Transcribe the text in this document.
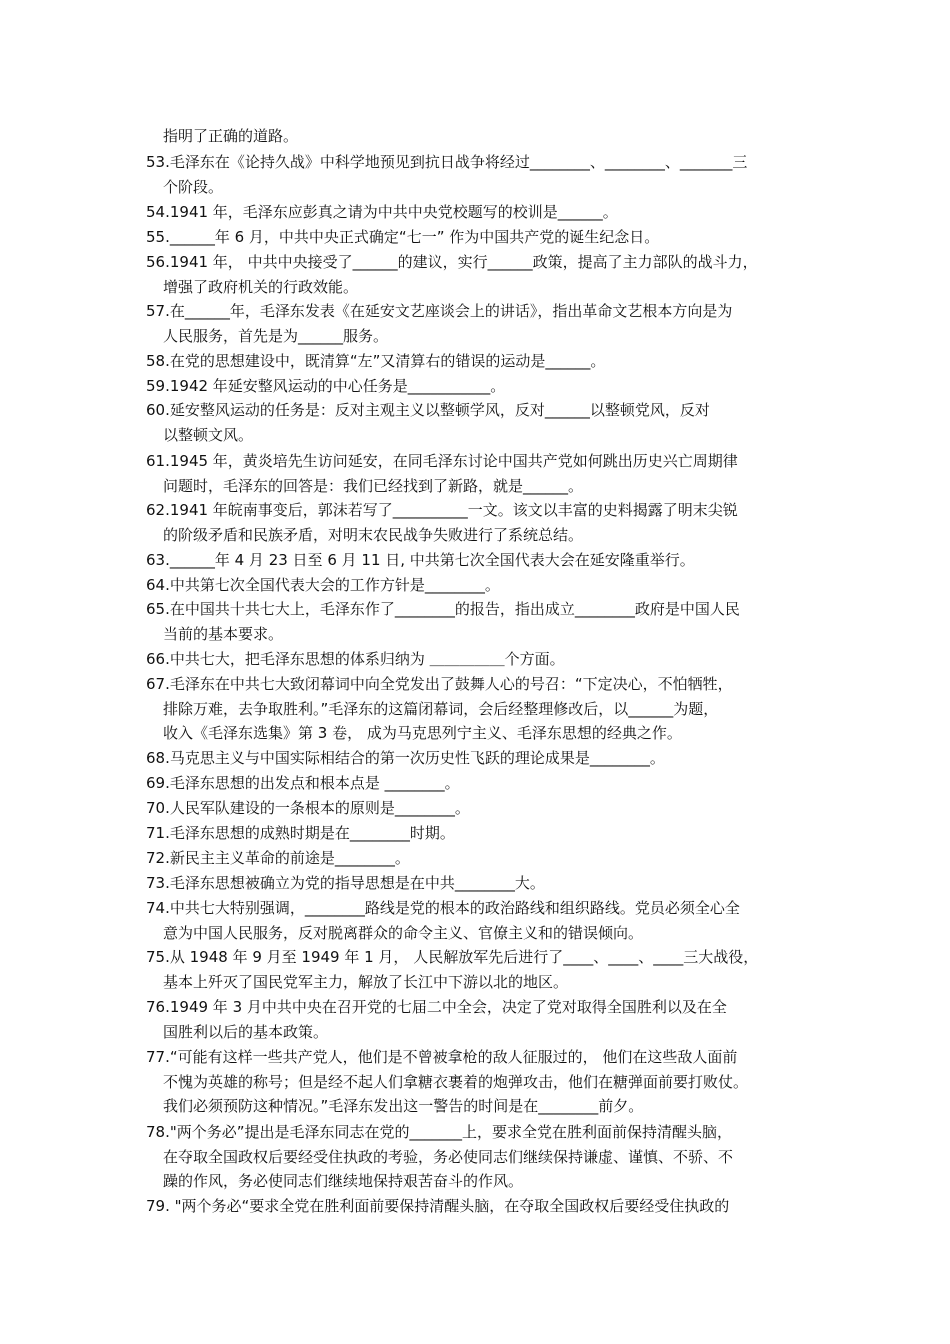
指明了正确的道路。
53.毛泽东在《论持久战》中科学地预见到抗日战争将经过________、________、_______三
个阶段。
54.1941 年，毛泽东应彭真之请为中共中央党校题写的校训是______。
55.______年 6 月，中共中央正式确定“七一” 作为中国共产党的诞生纪念日。
56.1941 年， 中共中央接受了______的建议，实行______政策，提高了主力部队的战斗力，
增强了政府机关的行政效能。
57.在______年，毛泽东发表《在延安文艺座谈会上的讲话》，指出革命文艺根本方向是为
人民服务，首先是为______服务。
58.在党的思想建设中，既清算“左”又清算右的错误的运动是______。
59.1942 年延安整风运动的中心任务是___________。
60.延安整风运动的任务是：反对主观主义以整顿学风，反对______以整顿党风，反对
以整顿文风。
61.1945 年，黄炎培先生访问延安，在同毛泽东讨论中国共产党如何跳出历史兴亡周期律
问题时，毛泽东的回答是：我们已经找到了新路，就是______。
62.1941 年皖南事变后，郭沫若写了__________一文。该文以丰富的史料揭露了明末尖锐
的阶级矛盾和民族矛盾，对明末农民战争失败进行了系统总结。
63.______年 4 月 23 日至 6 月 11 日, 中共第七次全国代表大会在延安隆重举行。
64.中共第七次全国代表大会的工作方针是________。
65.在中国共十共七大上，毛泽东作了________的报告，指出成立________政府是中国人民
当前的基本要求。
66.中共七大，把毛泽东思想的体系归纳为 ＿＿＿＿＿个方面。
67.毛泽东在中共七大致闭幕词中向全党发出了鼓舞人心的号召：“下定决心，不怕牺牲，
排除万难，去争取胜利。”毛泽东的这篇闭幕词，会后经整理修改后，以______为题，
收入《毛泽东选集》第 3 卷， 成为马克思列宁主义、毛泽东思想的经典之作。
68.马克思主义与中国实际相结合的第一次历史性飞跃的理论成果是________。
69.毛泽东思想的出发点和根本点是 ________。
70.人民军队建设的一条根本的原则是________。
71.毛泽东思想的成熟时期是在________时期。
72.新民主主义革命的前途是________。
73.毛泽东思想被确立为党的指导思想是在中共________大。
74.中共七大特别强调，________路线是党的根本的政治路线和组织路线。党员必须全心全
意为中国人民服务，反对脱离群众的命令主义、官僚主义和的错误倾向。
75.从 1948 年 9 月至 1949 年 1 月， 人民解放军先后进行了____、____、____三大战役，
基本上歼灭了国民党军主力，解放了长江中下游以北的地区。
76.1949 年 3 月中共中央在召开党的七届二中全会，决定了党对取得全国胜利以及在全
国胜利以后的基本政策。
77.“可能有这样一些共产党人，他们是不曾被拿枪的敌人征服过的， 他们在这些敌人面前
不愧为英雄的称号；但是经不起人们拿糖衣裹着的炮弹攻击，他们在糖弹面前要打败仗。
我们必须预防这种情况。”毛泽东发出这一警告的时间是在________前夕。
78."两个务必”提出是毛泽东同志在党的_______上，要求全党在胜利面前保持清醒头脑，
在夺取全国政权后要经受住执政的考验，务必使同志们继续保持谦虚、谨慎、不骄、不
躁的作风，务必使同志们继续地保持艰苦奋斗的作风。
79. "两个务必“要求全党在胜利面前要保持清醒头脑，在夺取全国政权后要经受住执政的
